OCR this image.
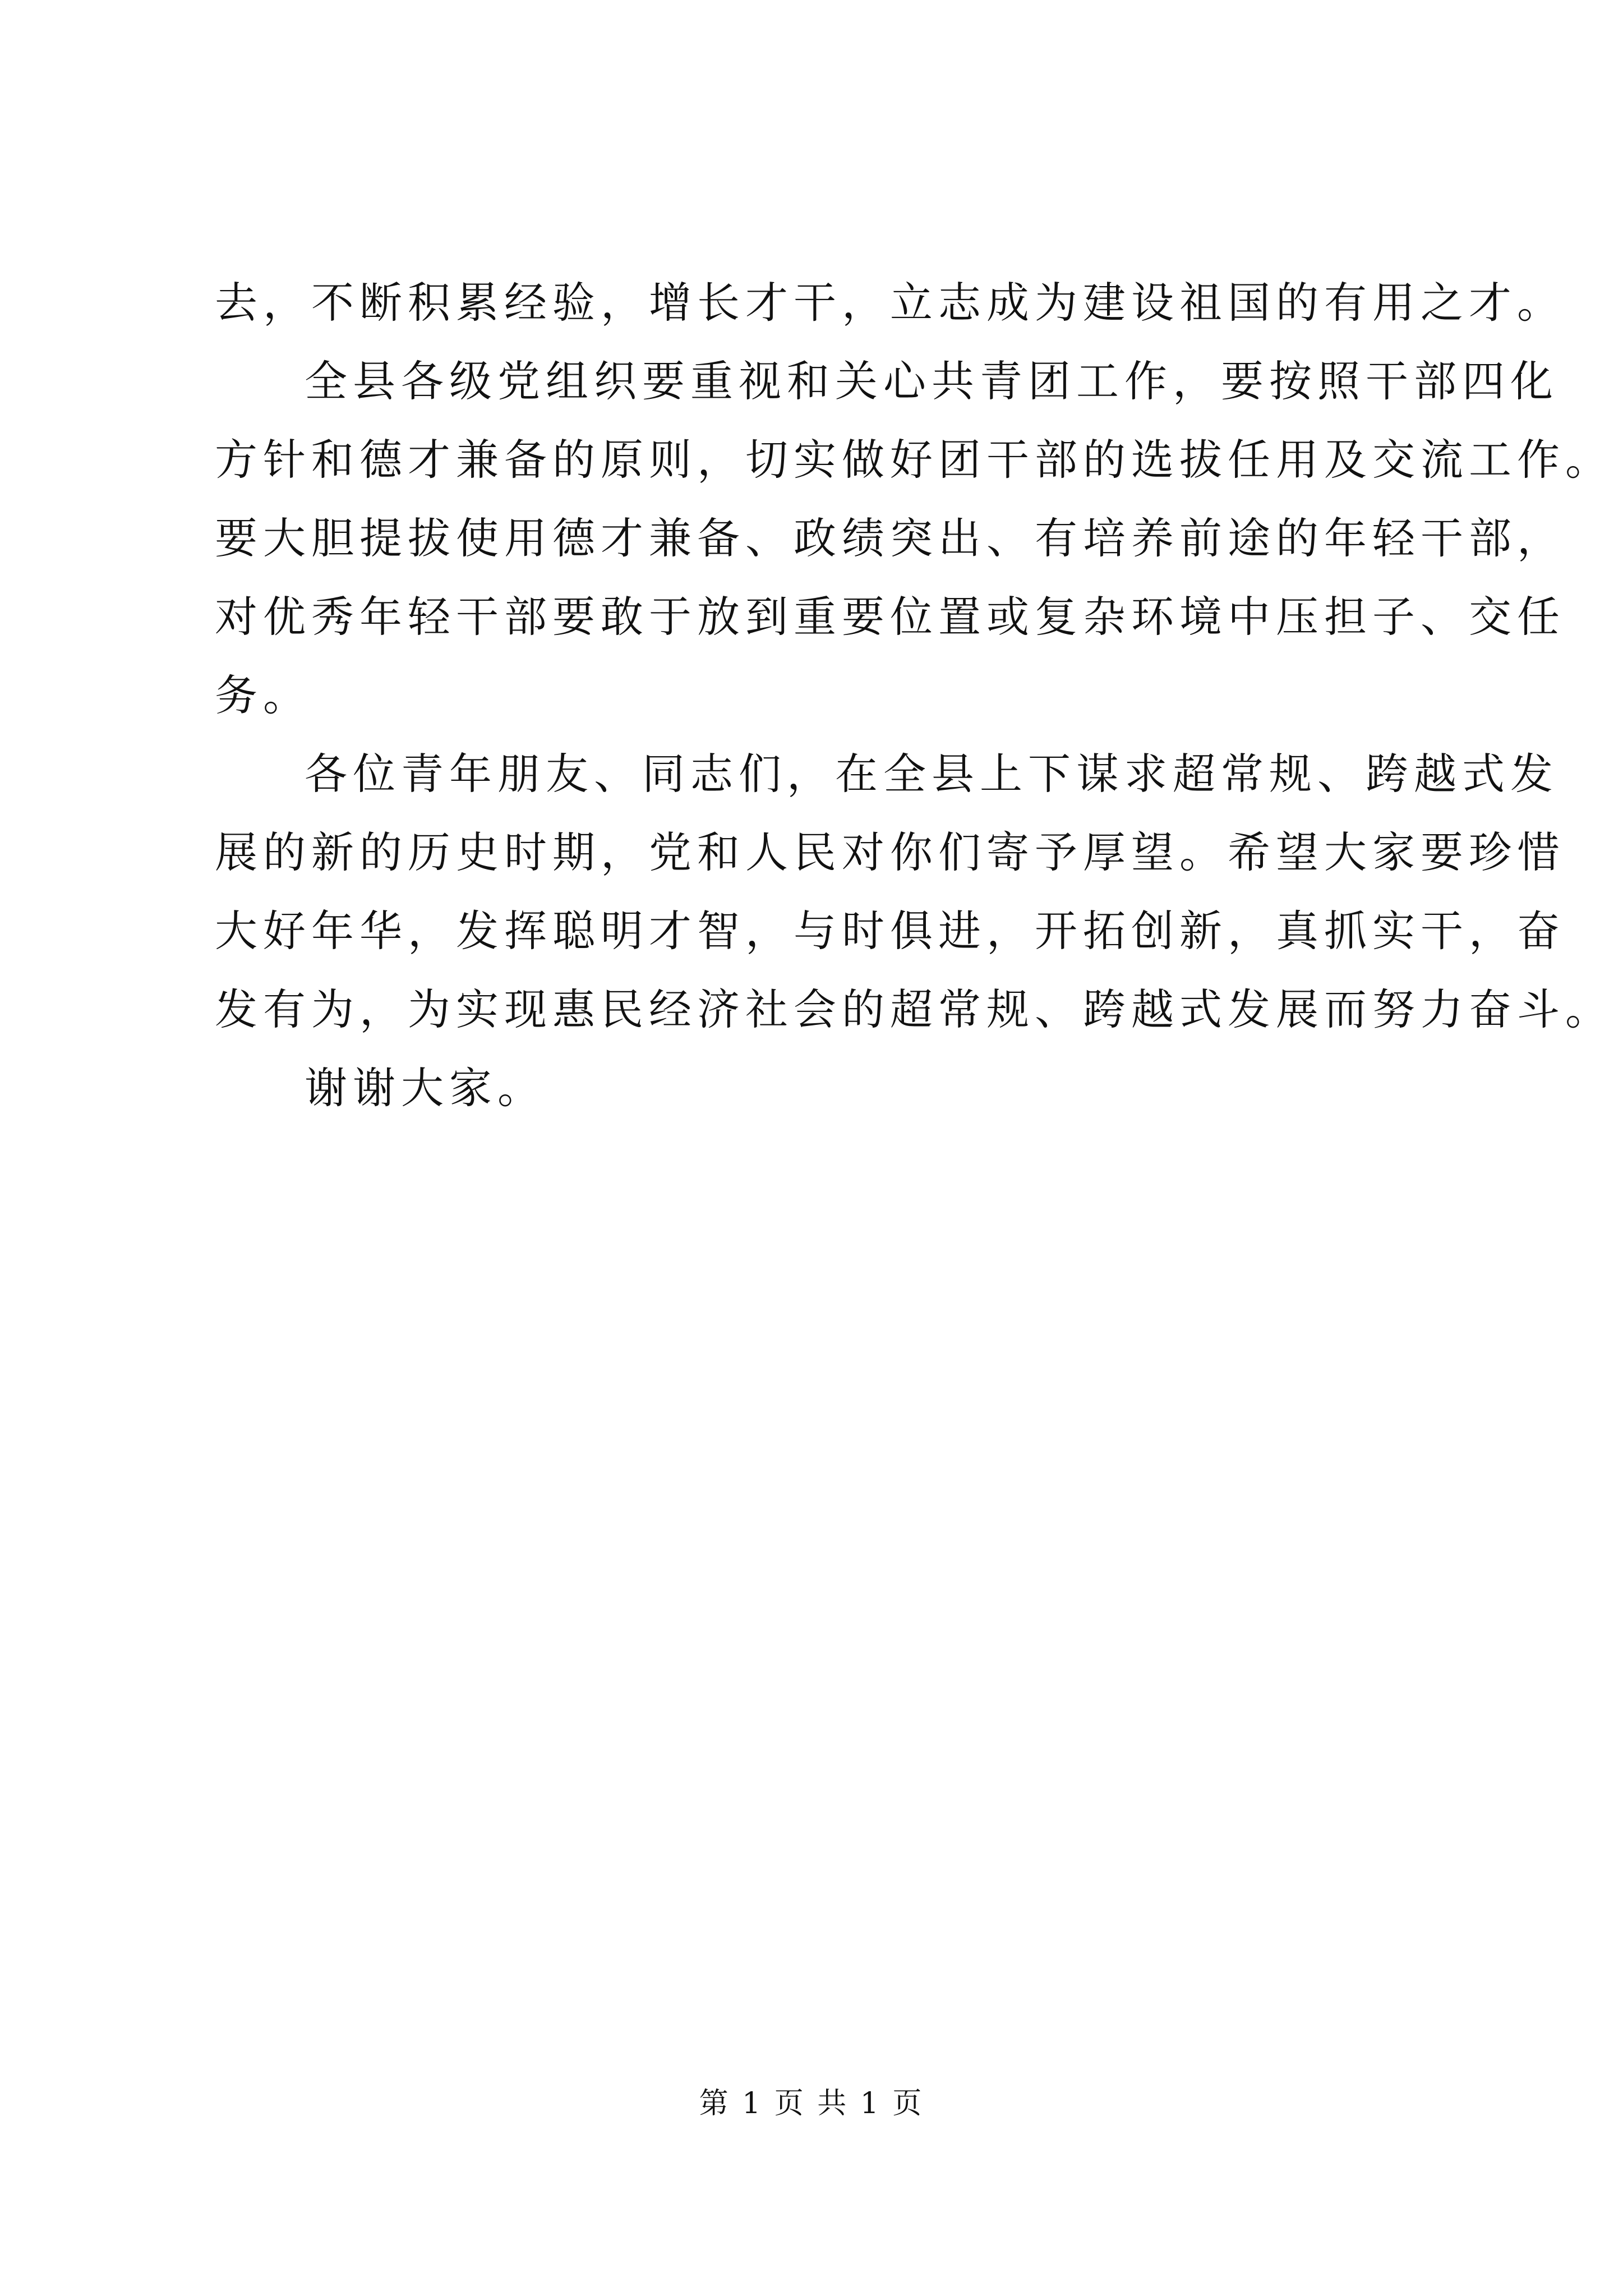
去，不断积累经验，增长才干，立志成为建设祖国的有用之才。
全县各级党组织要重视和关心共青团工作，要按照干部四化
方针和德才兼备的原则，切实做好团干部的选拔任用及交流工作。
要大胆提拔使用德才兼备、政绩突出、有培养前途的年轻干部，
对优秀年轻干部要敢于放到重要位置或复杂环境中压担子、交任
务。
各位青年朋友、同志们，在全县上下谋求超常规、跨越式发
展的新的历史时期，党和人民对你们寄予厚望。希望大家要珍惜
大好年华，发挥聪明才智，与时俱进，开拓创新，真抓实干，奋
发有为，为实现惠民经济社会的超常规、跨越式发展而努力奋斗。
谢谢大家。
第 1 页 共 1 页
